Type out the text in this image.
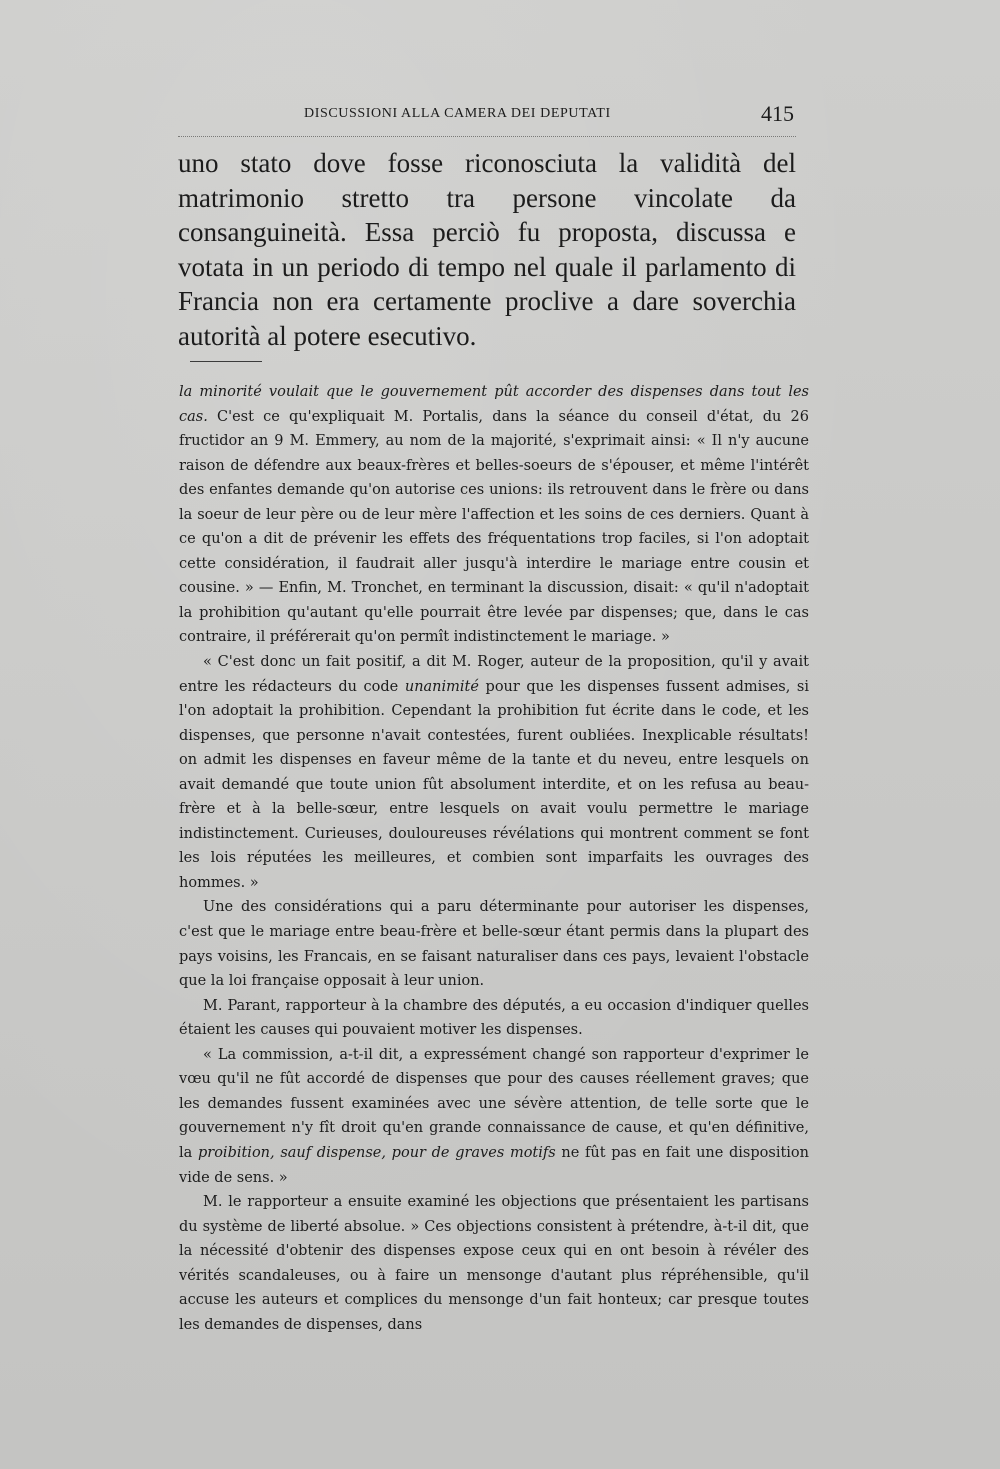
DISCUSSIONI ALLA CAMERA DEI DEPUTATI	415

uno stato dove fosse riconosciuta la validità del matrimonio stretto tra persone vincolate da consanguineità. Essa perciò fu proposta, discussa e votata in un periodo di tempo nel quale il parlamento di Francia non era certamente proclive a dare soverchia autorità al potere esecutivo.

la minorité voulait que le gouvernement pût accorder des dispenses dans tout les cas. C'est ce qu'expliquait M. Portalis, dans la séance du conseil d'état, du 26 fructidor an 9 M. Emmery, au nom de la majorité, s'exprimait ainsi: « Il n'y aucune raison de défendre aux beaux-frères et belles-soeurs de s'épouser, et même l'intérêt des enfantes demande qu'on autorise ces unions: ils retrouvent dans le frère ou dans la soeur de leur père ou de leur mère l'affection et les soins de ces derniers. Quant à ce qu'on a dit de prévenir les effets des fréquentations trop faciles, si l'on adoptait cette considération, il faudrait aller jusqu'à interdire le mariage entre cousin et cousine. » — Enfin, M. Tronchet, en terminant la discussion, disait: « qu'il n'adoptait la prohibition qu'autant qu'elle pourrait être levée par dispenses; que, dans le cas contraire, il préférerait qu'on permît indistinctement le mariage. »

« C'est donc un fait positif, a dit M. Roger, auteur de la proposition, qu'il y avait entre les rédacteurs du code unanimité pour que les dispenses fussent admises, si l'on adoptait la prohibition. Cependant la prohibition fut écrite dans le code, et les dispenses, que personne n'avait contestées, furent oubliées. Inexplicable résultats! on admit les dispenses en faveur même de la tante et du neveu, entre lesquels on avait demandé que toute union fût absolument interdite, et on les refusa au beau-frère et à la belle-sœur, entre lesquels on avait voulu permettre le mariage indistinctement. Curieuses, douloureuses révélations qui montrent comment se font les lois réputées les meilleures, et combien sont imparfaits les ouvrages des hommes. »

Une des considérations qui a paru déterminante pour autoriser les dispenses, c'est que le mariage entre beau-frère et belle-sœur étant permis dans la plupart des pays voisins, les Francais, en se faisant naturaliser dans ces pays, levaient l'obstacle que la loi française opposait à leur union.

M. Parant, rapporteur à la chambre des députés, a eu occasion d'indiquer quelles étaient les causes qui pouvaient motiver les dispenses.

« La commission, a-t-il dit, a expressément changé son rapporteur d'exprimer le vœu qu'il ne fût accordé de dispenses que pour des causes réellement graves; que les demandes fussent examinées avec une sévère attention, de telle sorte que le gouvernement n'y fît droit qu'en grande connaissance de cause, et qu'en définitive, la proibition, sauf dispense, pour de graves motifs ne fût pas en fait une disposition vide de sens. »

M. le rapporteur a ensuite examiné les objections que présentaient les partisans du système de liberté absolue. » Ces objections consistent à prétendre, à-t-il dit, que la nécessité d'obtenir des dispenses expose ceux qui en ont besoin à révéler des vérités scandaleuses, ou à faire un mensonge d'autant plus répréhensible, qu'il accuse les auteurs et complices du mensonge d'un fait honteux; car presque toutes les demandes de dispenses, dans
